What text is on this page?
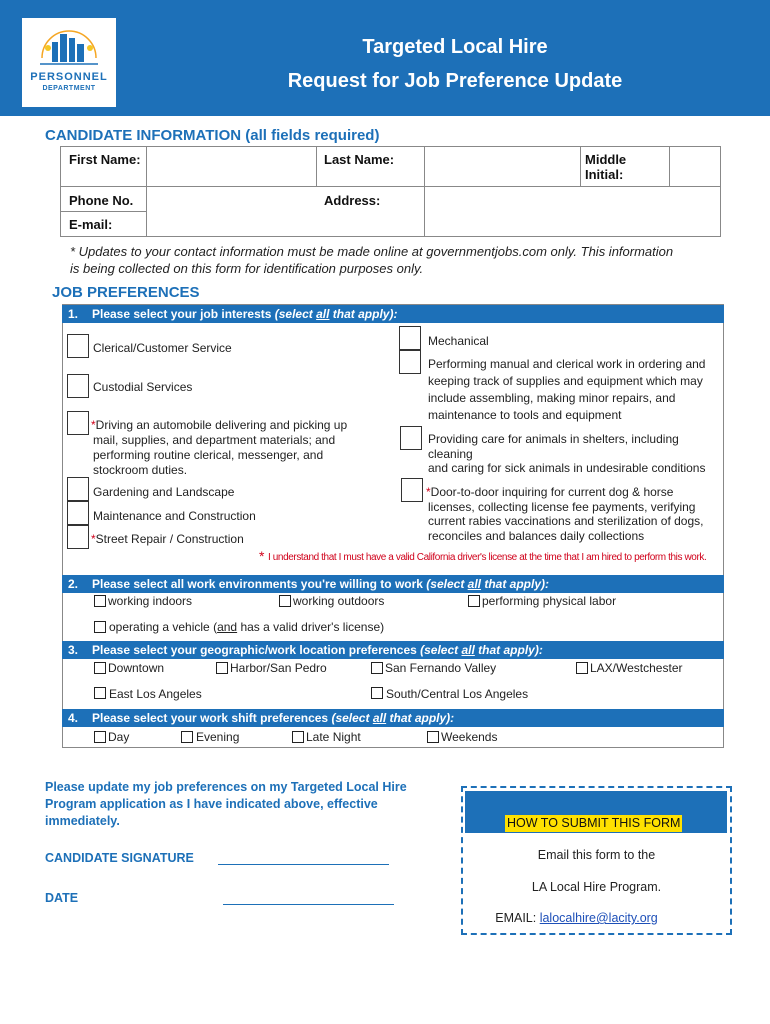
PERSONNEL
DEPARTMENT
Targeted Local Hire
Request for Job Preference Update
CANDIDATE INFORMATION (all fields required)
First Name:	Last Name:	Middle
Initial:
Phone No.	Address:
E-mail:
* Updates to your contact information must be made online at governmentjobs.com only. This information
is being collected on this form for identification purposes only.
JOB PREFERENCES
1. Please select your job interests (select all that apply):
Clerical/Customer Service
Custodial Services
*Driving an automobile delivering and picking up
mail, supplies, and department materials; and
performing routine clerical, messenger, and
stockroom duties.
Gardening and Landscape
Maintenance and Construction
*Street Repair / Construction
Mechanical
Performing manual and clerical work in ordering and
keeping track of supplies and equipment which may
include assembling, making minor repairs, and
maintenance to tools and equipment
Providing care for animals in shelters, including
cleaning
and caring for sick animals in undesirable conditions
*Door-to-door inquiring for current dog & horse
licenses, collecting license fee payments, verifying
current rabies vaccinations and sterilization of dogs,
reconciles and balances daily collections
* I understand that I must have a valid California driver's license at the time that I am hired to perform this work.
2. Please select all work environments you're willing to work (select all that apply):
working indoors	working outdoors	performing physical labor
operating a vehicle (and has a valid driver's license)
3. Please select your geographic/work location preferences (select all that apply):
Downtown	Harbor/San Pedro	San Fernando Valley	LAX/Westchester
East Los Angeles	South/Central Los Angeles
4. Please select your work shift preferences (select all that apply):
Day	Evening	Late Night	Weekends
Please update my job preferences on my Targeted Local Hire
Program application as I have indicated above, effective
immediately.
CANDIDATE SIGNATURE
DATE
HOW TO SUBMIT THIS FORM
Email this form to the
LA Local Hire Program.
EMAIL: lalocalhire@lacity.org
